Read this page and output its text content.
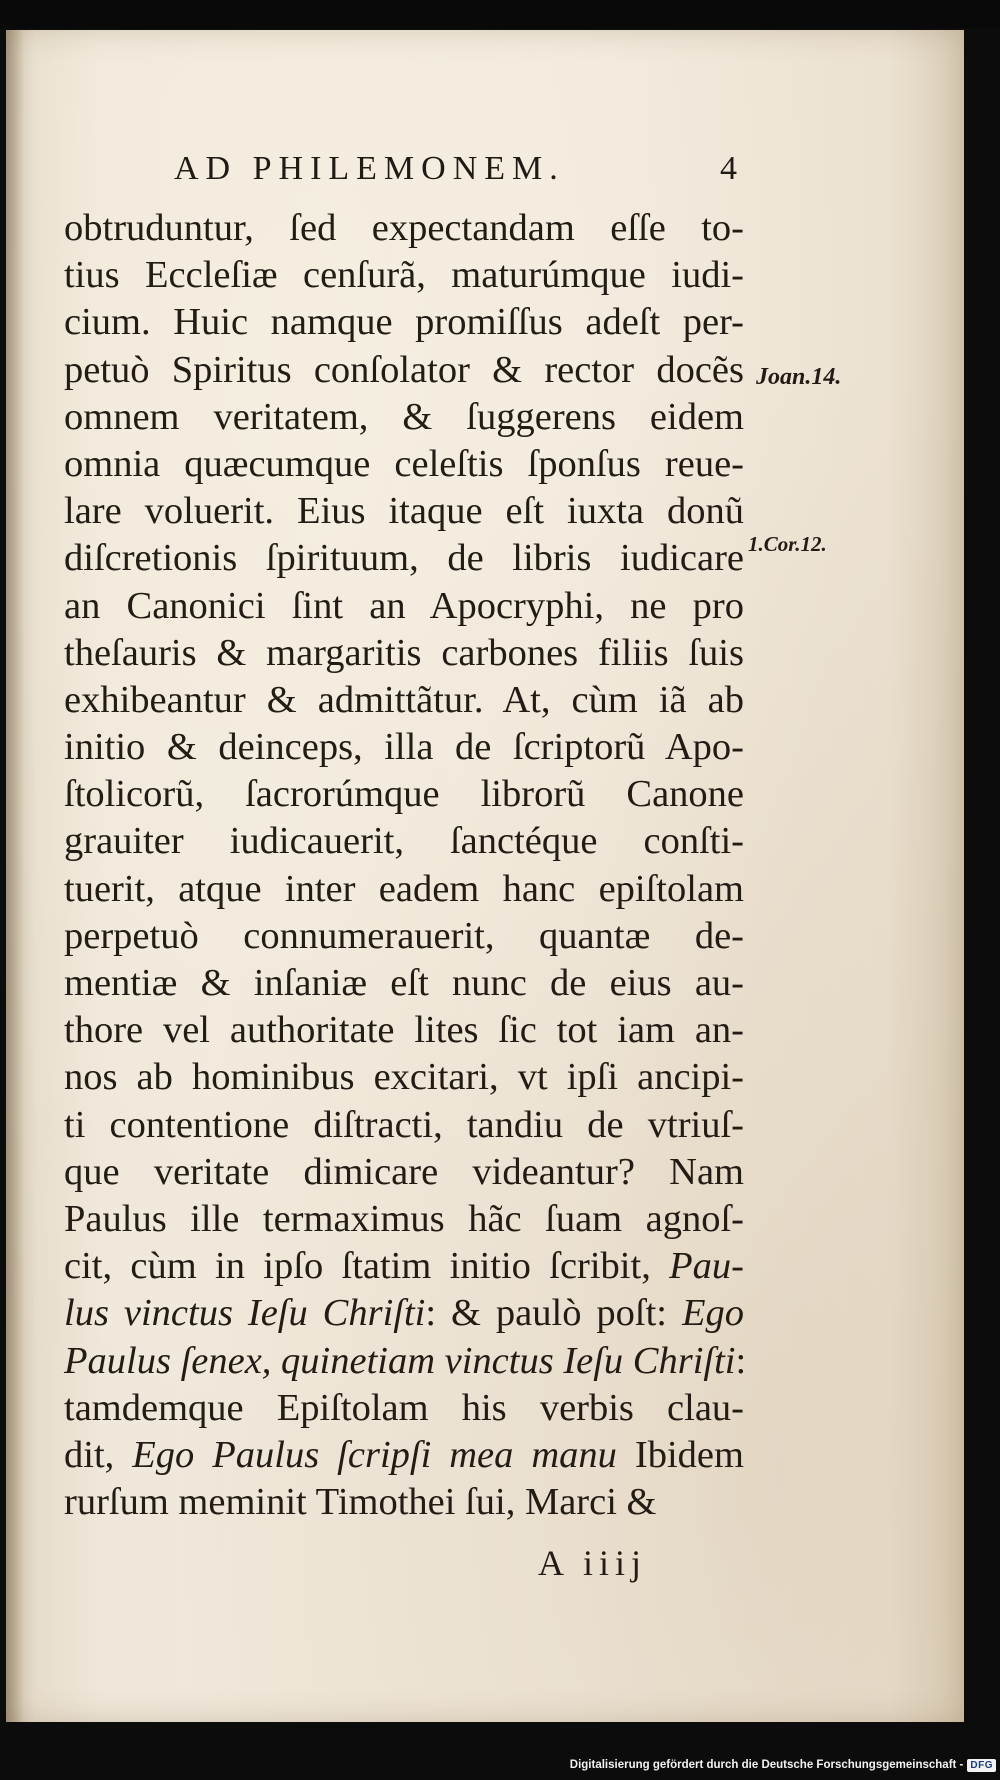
AD PHILEMONEM.	4
obtruduntur, ſed expectandam eſſe to-
tius Eccleſiæ cenſurã, maturúmque iudi-
cium. Huic namque promiſſus adeſt per-
petuò Spiritus conſolator & rector docẽs
omnem veritatem, & ſuggerens eidem
omnia quæcumque celeſtis ſponſus reue-
lare voluerit. Eius itaque eſt iuxta donũ
diſcretionis ſpirituum, de libris iudicare
an Canonici ſint an Apocryphi, ne pro
theſauris & margaritis carbones filiis ſuis
exhibeantur & admittãtur. At, cùm iã ab
initio & deinceps, illa de ſcriptorũ Apo-
ſtolicorũ, ſacrorúmque librorũ Canone
grauiter iudicauerit, ſanctéque conſti-
tuerit, atque inter eadem hanc epiſtolam
perpetuò connumerauerit, quantæ de-
mentiæ & inſaniæ eſt nunc de eius au-
thore vel authoritate lites ſic tot iam an-
nos ab hominibus excitari, vt ipſi ancipi-
ti contentione diſtracti, tandiu de vtriuſ-
que veritate dimicare videantur? Nam
Paulus ille termaximus hãc ſuam agnoſ-
cit, cùm in ipſo ſtatim initio ſcribit, Pau-
lus vinctus Ieſu Chriſti: & paulò poſt: Ego
Paulus ſenex, quinetiam vinctus Ieſu Chriſti:
tamdemque Epiſtolam his verbis clau-
dit, Ego Paulus ſcripſi mea manu Ibidem
rurſum meminit Timothei ſui, Marci &
Joan.14.
1.Cor.12.
A iiij
Digitalisierung gefördert durch die Deutsche Forschungsgemeinschaft - DFG
